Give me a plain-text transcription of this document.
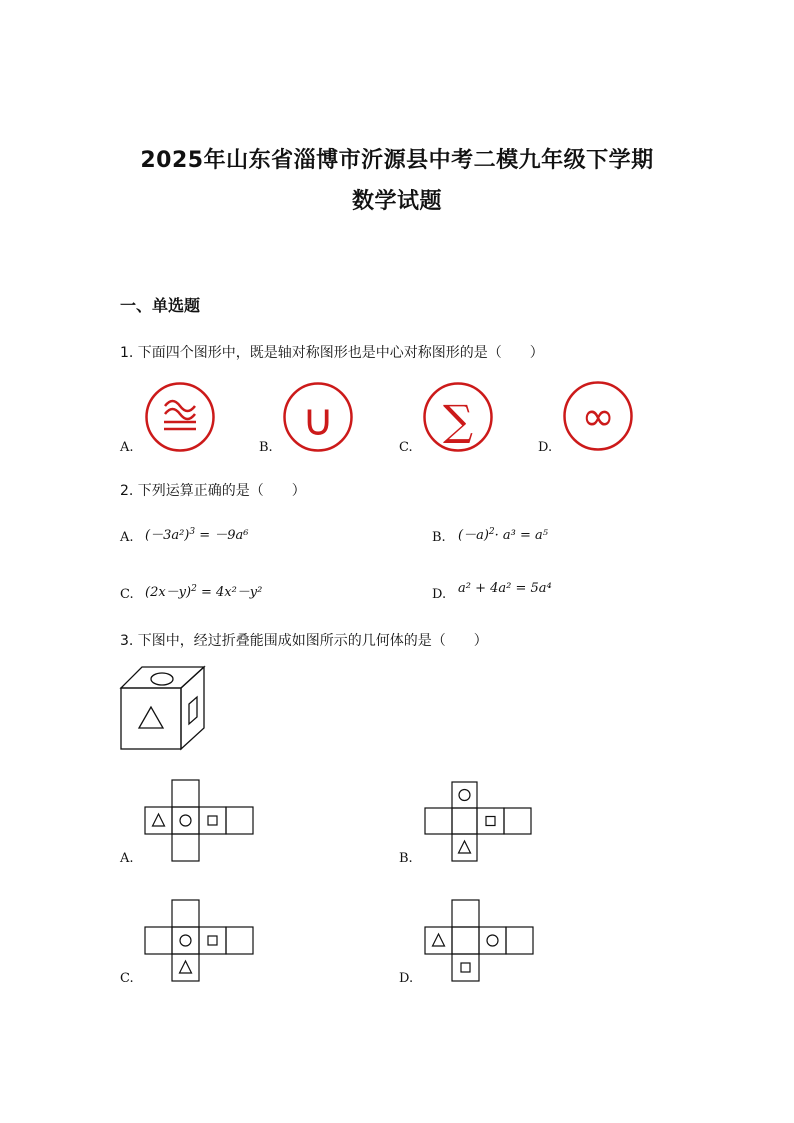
2025年山东省淄博市沂源县中考二模九年级下学期
数学试题
一、单选题
1. 下面四个图形中，既是轴对称图形也是中心对称图形的是（　　）
A.
∪
B.
∑
C.
∞
D.
2. 下列运算正确的是（　　）
A. $(-3a^2)^3 = -9a^6$	B. $(-a)^2\cdot a^3 = a^5$
C. $(2x-y)^2 = 4x^2-y^2$	D. a² + 4a² = 5a⁴
3. 下图中，经过折叠能围成如图所示的几何体的是（　　）
A.	B.
C.	D.
